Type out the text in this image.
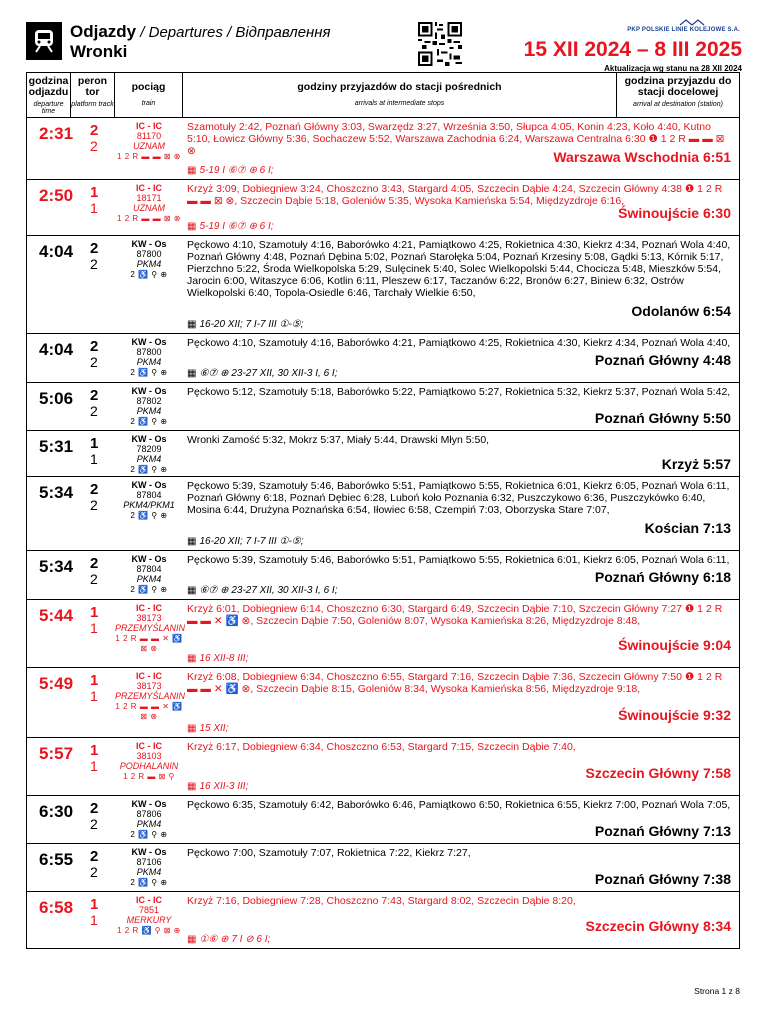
Odjazdy / Departures / Відправлення
Wronki
PKP POLSKIE LINIE KOLEJOWE S.A.
15 XII 2024 – 8 III 2025
Aktualizacja wg stanu na 28 XII 2024
godzina odjazdu
departure time
peron tor
platform track
pociąg
train
godziny przyjazdów do stacji pośrednich
arrivals at intermediate stops
godzina przyjazdu do stacji docelowej
arrival at destination (station)
2:31 2
2
IC - IC
81170
UZNAM
1 2 R ▬ ▬ ⊠ ⊗
Szamotuły 2:42, Poznań Główny 3:03, Swarzędz 3:27, Września 3:50, Słupca 4:05, Konin 4:23, Koło 4:40, Kutno 5:10, Łowicz Główny 5:36, Sochaczew 5:52, Warszawa Zachodnia 6:24, Warszawa Centralna 6:30 ❶ 1 2 R ▬ ▬ ⊠ ⊗	Warszawa Wschodnia 6:51
▦ 5-19 I ⑥⑦ ⊕ 6 I;
2:50 1
1
IC - IC
18171
UZNAM
1 2 R ▬ ▬ ⊠ ⊗
Krzyż 3:09, Dobiegniew 3:24, Choszczno 3:43, Stargard 4:05, Szczecin Dąbie 4:24, Szczecin Główny 4:38 ❶ 1 2 R ▬ ▬ ⊠ ⊗, Szczecin Dąbie 5:18, Goleniów 5:35, Wysoka Kamieńska 5:54, Międzyzdroje 6:16,
Świnoujście 6:30
▦ 5-19 I ⑥⑦ ⊕ 6 I;
4:04 2
2
KW - Os
87800
PKM4
2 ♿ ⚲ ⊕
Pęckowo 4:10, Szamotuły 4:16, Baborówko 4:21, Pamiątkowo 4:25, Rokietnica 4:30, Kiekrz 4:34, Poznań Wola 4:40, Poznań Główny 4:48, Poznań Dębina 5:02, Poznań Starołęka 5:04, Poznań Krzesiny 5:08, Gądki 5:13, Kórnik 5:17, Pierzchno 5:22, Środa Wielkopolska 5:29, Sulęcinek 5:40, Solec Wielkopolski 5:44, Chocicza 5:48, Mieszków 5:54, Jarocin 6:00, Witaszyce 6:06, Kotlin 6:11, Pleszew 6:17, Taczanów 6:22, Bronów 6:27, Biniew 6:32, Ostrów Wielkopolski 6:40, Topola-Osiedle 6:46, Tarchały Wielkie 6:50,
Odolanów 6:54
▦ 16-20 XII; 7 I-7 III ①-⑤;
4:04 2
2
KW - Os
87800
PKM4
2 ♿ ⚲ ⊕
Pęckowo 4:10, Szamotuły 4:16, Baborówko 4:21, Pamiątkowo 4:25, Rokietnica 4:30, Kiekrz 4:34, Poznań Wola 4:40,
Poznań Główny 4:48
▦ ⑥⑦ ⊕ 23-27 XII, 30 XII-3 I, 6 I;
5:06 2
2
KW - Os
87802
PKM4
2 ♿ ⚲ ⊕
Pęckowo 5:12, Szamotuły 5:18, Baborówko 5:22, Pamiątkowo 5:27, Rokietnica 5:32, Kiekrz 5:37, Poznań Wola 5:42,
Poznań Główny 5:50
5:31 1
1
KW - Os
78209
PKM4
2 ♿ ⚲ ⊕
Wronki Zamość 5:32, Mokrz 5:37, Miały 5:44, Drawski Młyn 5:50,
Krzyż 5:57
5:34 2
2
KW - Os
87804
PKM4/PKM1
2 ♿ ⚲ ⊕
Pęckowo 5:39, Szamotuły 5:46, Baborówko 5:51, Pamiątkowo 5:55, Rokietnica 6:01, Kiekrz 6:05, Poznań Wola 6:11, Poznań Główny 6:18, Poznań Dębiec 6:28, Luboń koło Poznania 6:32, Puszczykowo 6:36, Puszczykówko 6:40, Mosina 6:44, Drużyna Poznańska 6:54, Iłowiec 6:58, Czempiń 7:03, Oborzyska Stare 7:07,
Kościan 7:13
▦ 16-20 XII; 7 I-7 III ①-⑤;
5:34 2
2
KW - Os
87804
PKM4
2 ♿ ⚲ ⊕
Pęckowo 5:39, Szamotuły 5:46, Baborówko 5:51, Pamiątkowo 5:55, Rokietnica 6:01, Kiekrz 6:05, Poznań Wola 6:11,
Poznań Główny 6:18
▦ ⑥⑦ ⊕ 23-27 XII, 30 XII-3 I, 6 I;
5:44 1
1
IC - IC
38173
PRZEMYŚLANIN
1 2 R ▬ ▬ ✕ ♿ ⊠ ⊗
Krzyż 6:01, Dobiegniew 6:14, Choszczno 6:30, Stargard 6:49, Szczecin Dąbie 7:10, Szczecin Główny 7:27 ❶ 1 2 R ▬ ▬ ✕ ♿ ⊗, Szczecin Dąbie 7:50, Goleniów 8:07, Wysoka Kamieńska 8:26, Międzyzdroje 8:48,
Świnoujście 9:04
▦ 16 XII-8 III;
5:49 1
1
IC - IC
38173
PRZEMYŚLANIN
1 2 R ▬ ▬ ✕ ♿ ⊠ ⊗
Krzyż 6:08, Dobiegniew 6:34, Choszczno 6:55, Stargard 7:16, Szczecin Dąbie 7:36, Szczecin Główny 7:50 ❶ 1 2 R ▬ ▬ ✕ ♿ ⊗, Szczecin Dąbie 8:15, Goleniów 8:34, Wysoka Kamieńska 8:56, Międzyzdroje 9:18,
Świnoujście 9:32
▦ 15 XII;
5:57 1
1
IC - IC
38103
PODHALANIN
1 2 R ▬ ⊠ ⚲
Krzyż 6:17, Dobiegniew 6:34, Choszczno 6:53, Stargard 7:15, Szczecin Dąbie 7:40,
Szczecin Główny 7:58
▦ 16 XII-3 III;
6:30 2
2
KW - Os
87806
PKM4
2 ♿ ⚲ ⊕
Pęckowo 6:35, Szamotuły 6:42, Baborówko 6:46, Pamiątkowo 6:50, Rokietnica 6:55, Kiekrz 7:00, Poznań Wola 7:05,
Poznań Główny 7:13
6:55 2
2
KW - Os
87106
PKM4
2 ♿ ⚲ ⊕
Pęckowo 7:00, Szamotuły 7:07, Rokietnica 7:22, Kiekrz 7:27,
Poznań Główny 7:38
6:58 1
1
IC - IC
7851
MERKURY
1 2 R ♿ ⚲ ⊠ ⊕
Krzyż 7:16, Dobiegniew 7:28, Choszczno 7:43, Stargard 8:02, Szczecin Dąbie 8:20,
Szczecin Główny 8:34
▦ ①⑥ ⊕ 7 I ⊘ 6 I;
Strona 1 z 8
